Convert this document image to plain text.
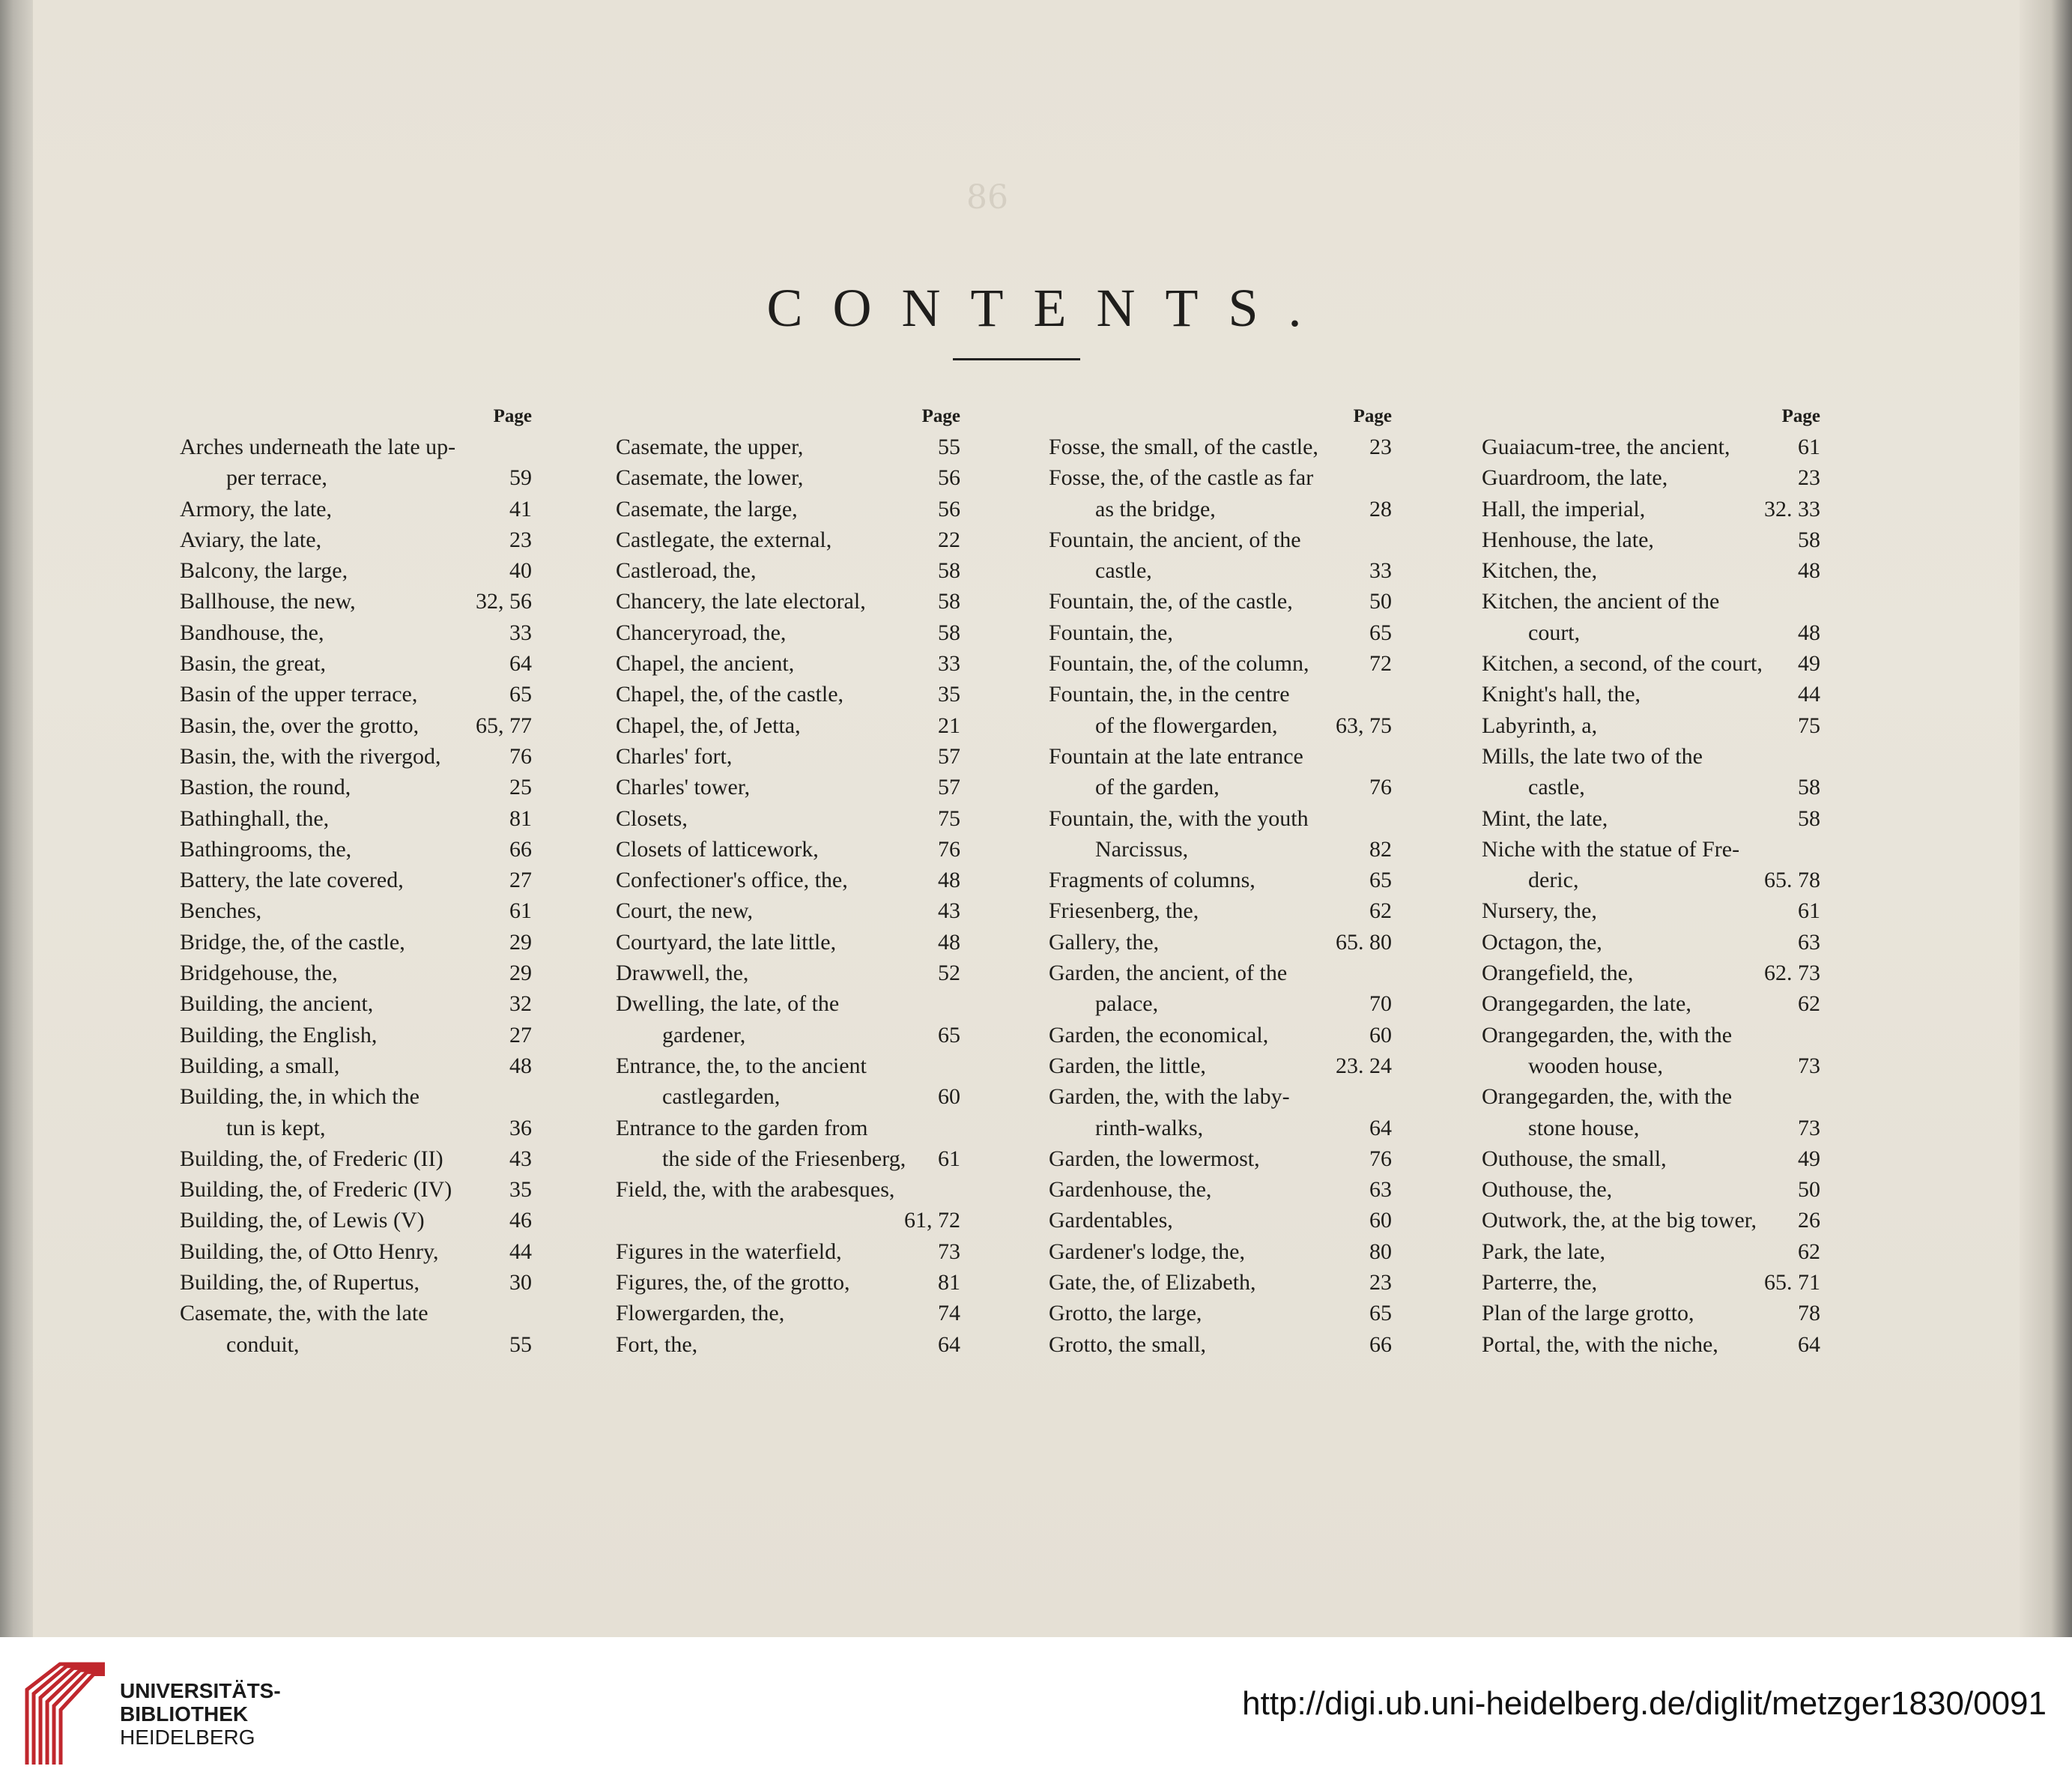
86
CONTENTS.
Page
Arches underneath the late up-
per terrace,	59
Armory, the late,	41
Aviary, the late,	23
Balcony, the large,	40
Ballhouse, the new,	32, 56
Bandhouse, the,	33
Basin, the great,	64
Basin of the upper terrace,	65
Basin, the, over the grotto,	65, 77
Basin, the, with the rivergod,	76
Bastion, the round,	25
Bathinghall, the,	81
Bathingrooms, the,	66
Battery, the late covered,	27
Benches,	61
Bridge, the, of the castle,	29
Bridgehouse, the,	29
Building, the ancient,	32
Building, the English,	27
Building, a small,	48
Building, the, in which the
tun is kept,	36
Building, the, of Frederic (II)	43
Building, the, of Frederic (IV)	35
Building, the, of Lewis (V)	46
Building, the, of Otto Henry,	44
Building, the, of Rupertus,	30
Casemate, the, with the late
conduit,	55
Page
Casemate, the upper,	55
Casemate, the lower,	56
Casemate, the large,	56
Castlegate, the external,	22
Castleroad, the,	58
Chancery, the late electoral,	58
Chanceryroad, the,	58
Chapel, the ancient,	33
Chapel, the, of the castle,	35
Chapel, the, of Jetta,	21
Charles' fort,	57
Charles' tower,	57
Closets,	75
Closets of latticework,	76
Confectioner's office, the,	48
Court, the new,	43
Courtyard, the late little,	48
Drawwell, the,	52
Dwelling, the late, of the
gardener,	65
Entrance, the, to the ancient
castlegarden,	60
Entrance to the garden from
the side of the Friesenberg, 61
Field, the, with the arabesques,
61, 72
Figures in the waterfield,	73
Figures, the, of the grotto,	81
Flowergarden, the,	74
Fort, the,	64
Page
Fosse, the small, of the castle, 23
Fosse, the, of the castle as far
as the bridge,	28
Fountain, the ancient, of the
castle,	33
Fountain, the, of the castle,	50
Fountain, the,	65
Fountain, the, of the column,	72
Fountain, the, in the centre
of the flowergarden,	63, 75
Fountain at the late entrance
of the garden,	76
Fountain, the, with the youth
Narcissus,	82
Fragments of columns,	65
Friesenberg, the,	62
Gallery, the,	65. 80
Garden, the ancient, of the
palace,	70
Garden, the economical,	60
Garden, the little,	23. 24
Garden, the, with the laby-
rinth-walks,	64
Garden, the lowermost,	76
Gardenhouse, the,	63
Gardentables,	60
Gardener's lodge, the,	80
Gate, the, of Elizabeth,	23
Grotto, the large,	65
Grotto, the small,	66
Page
Guaiacum-tree, the ancient,	61
Guardroom, the late,	23
Hall, the imperial,	32. 33
Henhouse, the late,	58
Kitchen, the,	48
Kitchen, the ancient of the
court,	48
Kitchen, a second, of the court, 49
Knight's hall, the,	44
Labyrinth, a,	75
Mills, the late two of the
castle,	58
Mint, the late,	58
Niche with the statue of Fre-
deric,	65. 78
Nursery, the,	61
Octagon, the,	63
Orangefield, the,	62. 73
Orangegarden, the late,	62
Orangegarden, the, with the
wooden house,	73
Orangegarden, the, with the
stone house,	73
Outhouse, the small,	49
Outhouse, the,	50
Outwork, the, at the big tower, 26
Park, the late,	62
Parterre, the,	65. 71
Plan of the large grotto,	78
Portal, the, with the niche,	64
UNIVERSITÄTS-
BIBLIOTHEK
HEIDELBERG
http://digi.ub.uni-heidelberg.de/diglit/metzger1830/0091
